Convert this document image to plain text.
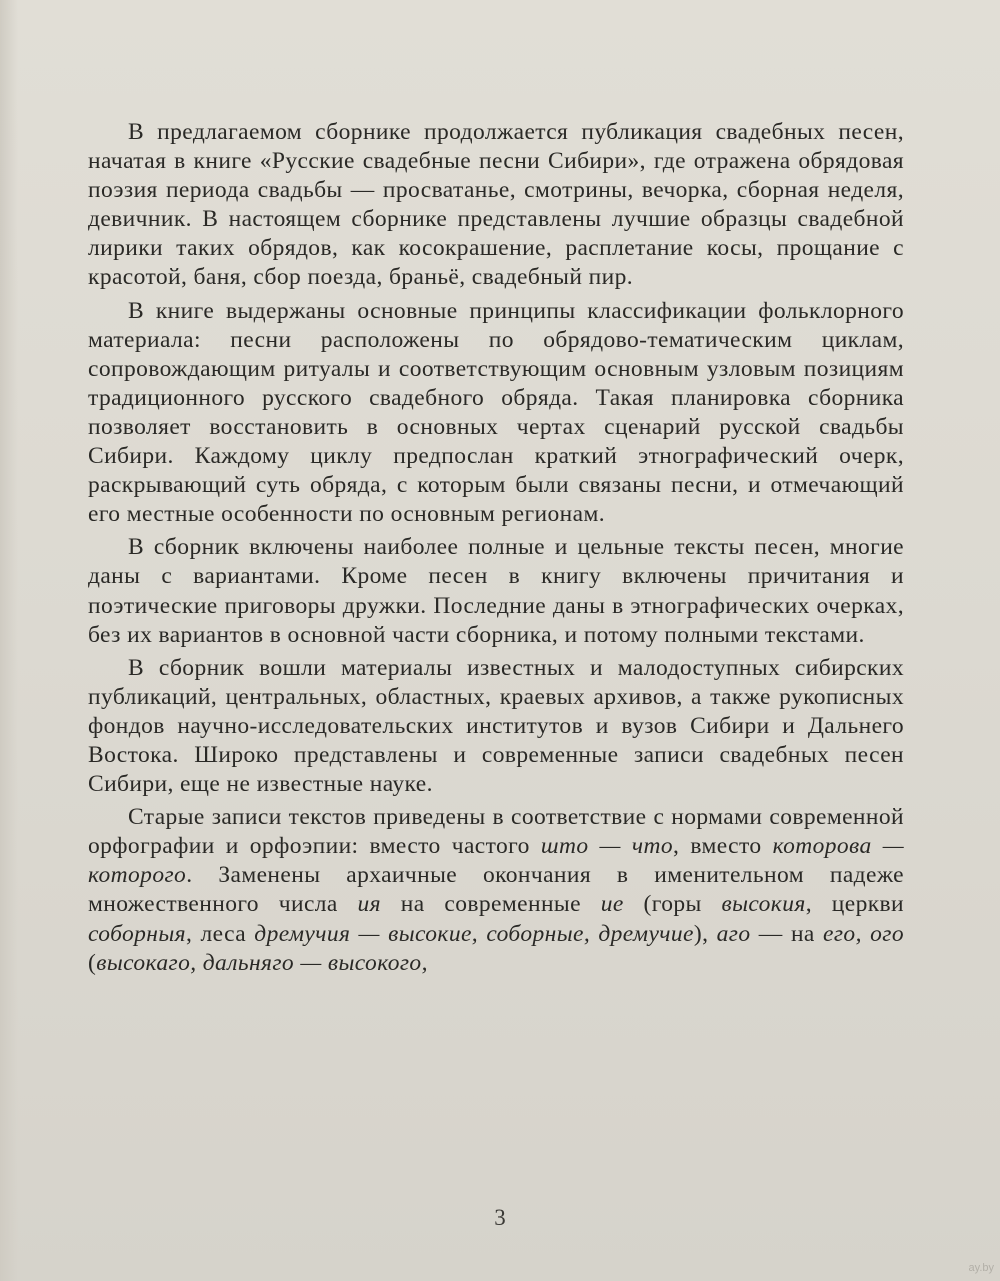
В предлагаемом сборнике продолжается публикация свадебных песен, начатая в книге «Русские свадебные песни Сибири», где отражена обрядовая поэзия периода свадьбы — просватанье, смотрины, вечорка, сборная неделя, девичник. В настоящем сборнике представлены лучшие образцы свадебной лирики таких обрядов, как косокрашение, расплетание косы, прощание с красотой, баня, сбор поезда, браньё, свадебный пир.

В книге выдержаны основные принципы классификации фольклорного материала: песни расположены по обрядово-тематическим циклам, сопровождающим ритуалы и соответствующим основным узловым позициям традиционного русского свадебного обряда. Такая планировка сборника позволяет восстановить в основных чертах сценарий русской свадьбы Сибири. Каждому циклу предпослан краткий этнографический очерк, раскрывающий суть обряда, с которым были связаны песни, и отмечающий его местные особенности по основным регионам.

В сборник включены наиболее полные и цельные тексты песен, многие даны с вариантами. Кроме песен в книгу включены причитания и поэтические приговоры дружки. Последние даны в этнографических очерках, без их вариантов в основной части сборника, и потому полными текстами.

В сборник вошли материалы известных и малодоступных сибирских публикаций, центральных, областных, краевых архивов, а также рукописных фондов научно-исследовательских институтов и вузов Сибири и Дальнего Востока. Широко представлены и современные записи свадебных песен Сибири, еще не известные науке.

Старые записи текстов приведены в соответствие с нормами современной орфографии и орфоэпии: вместо частого што — что, вместо которова — которого. Заменены архаичные окончания в именительном падеже множественного числа ия на современные ие (горы высокия, церкви соборныя, леса дремучия — высокие, соборные, дремучие), аго — на его, ого (высокаго, дальняго — высокого,

3
ay.by
